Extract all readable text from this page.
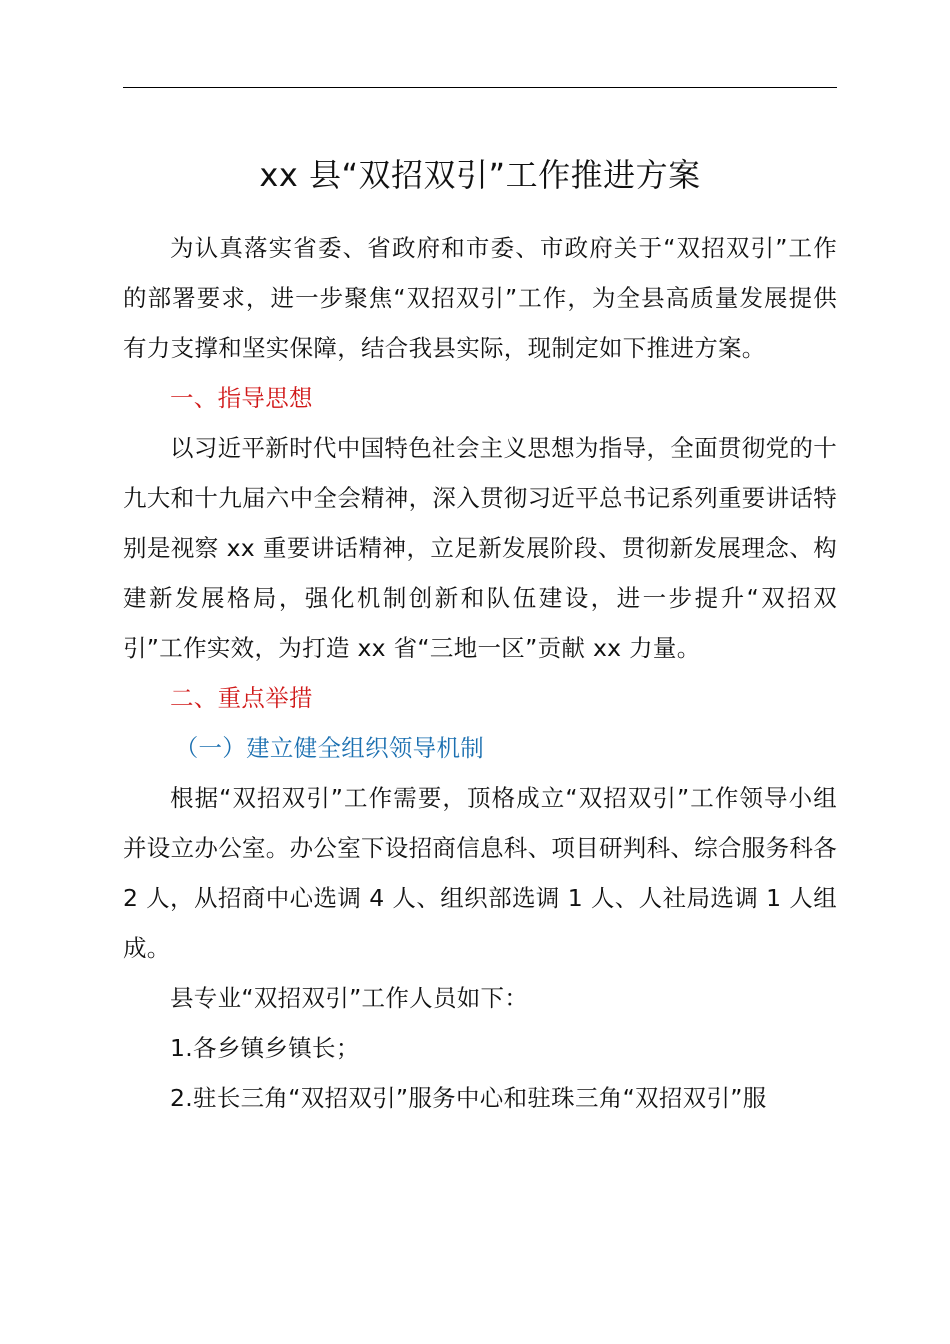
xx 县“双招双引”工作推进方案

为认真落实省委、省政府和市委、市政府关于“双招双引”工作的部署要求，进一步聚焦“双招双引”工作，为全县高质量发展提供有力支撑和坚实保障，结合我县实际，现制定如下推进方案。

一、指导思想

以习近平新时代中国特色社会主义思想为指导，全面贯彻党的十九大和十九届六中全会精神，深入贯彻习近平总书记系列重要讲话特别是视察 xx 重要讲话精神，立足新发展阶段、贯彻新发展理念、构建新发展格局，强化机制创新和队伍建设，进一步提升“双招双引”工作实效，为打造 xx 省“三地一区”贡献 xx 力量。

二、重点举措

（一）建立健全组织领导机制

根据“双招双引”工作需要，顶格成立“双招双引”工作领导小组并设立办公室。办公室下设招商信息科、项目研判科、综合服务科各 2 人，从招商中心选调 4 人、组织部选调 1 人、人社局选调 1 人组成。

县专业“双招双引”工作人员如下：

1.各乡镇乡镇长；

2.驻长三角“双招双引”服务中心和驻珠三角“双招双引”服
